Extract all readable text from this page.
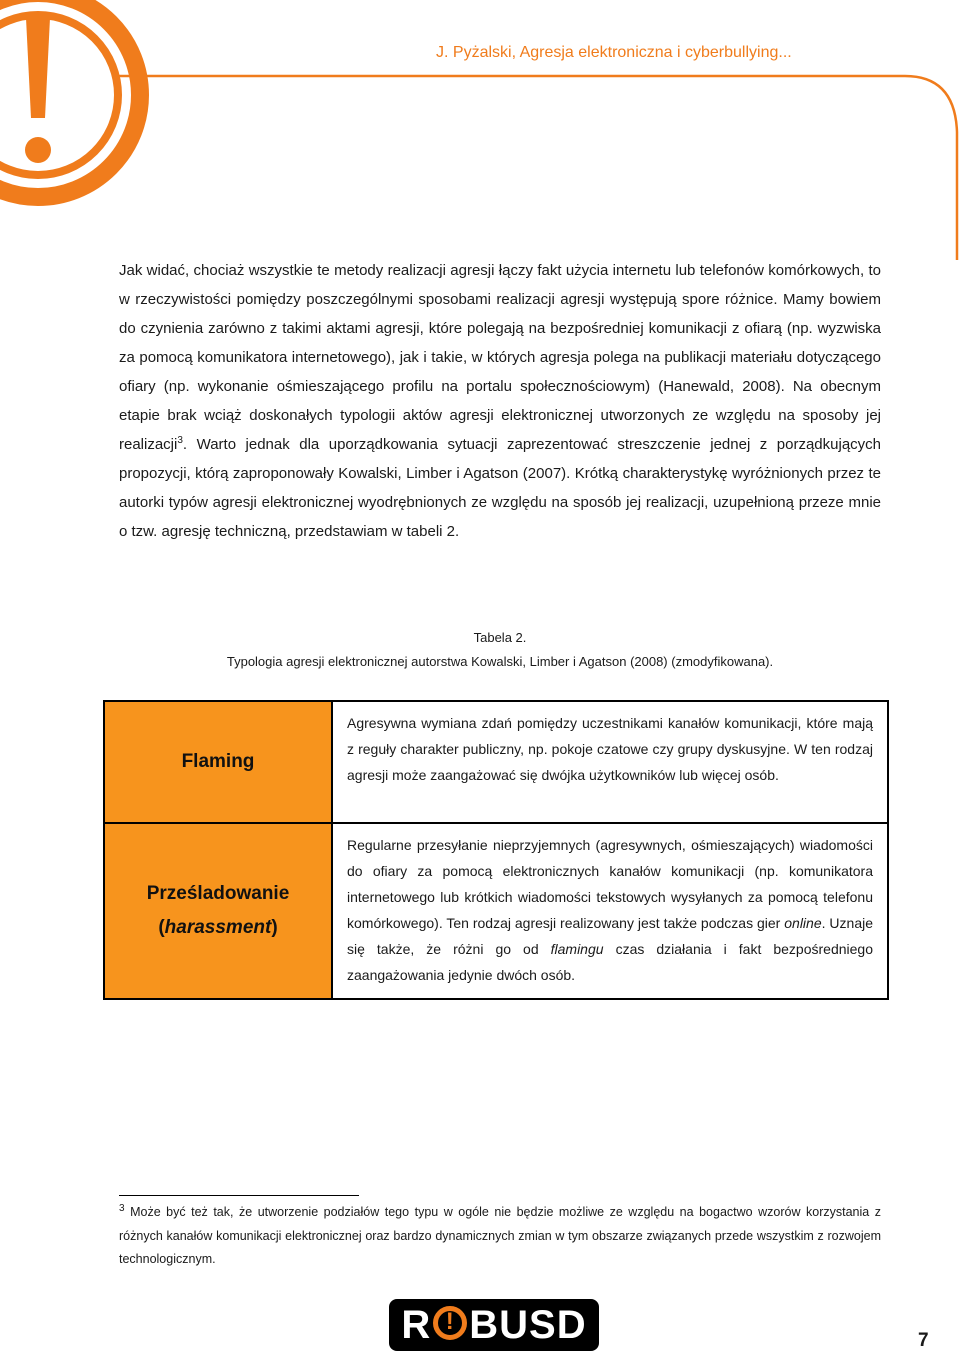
J. Pyżalski, Agresja elektroniczna i cyberbullying...

Jak widać, chociaż wszystkie te metody realizacji agresji łączy fakt użycia internetu lub telefonów komórkowych, to w rzeczywistości pomiędzy poszczególnymi sposobami realizacji agresji występują spore różnice. Mamy bowiem do czynienia zarówno z takimi aktami agresji, które polegają na bezpośredniej komunikacji z ofiarą (np. wyzwiska za pomocą komunikatora internetowego), jak i takie, w których agresja polega na publikacji materiału dotyczącego ofiary (np. wykonanie ośmieszającego profilu na portalu społecznościowym) (Hanewald, 2008). Na obecnym etapie brak wciąż doskonałych typologii aktów agresji elektronicznej utworzonych ze względu na sposoby jej realizacji$^3$. Warto jednak dla uporządkowania sytuacji zaprezentować streszczenie jednej z porządkujących propozycji, którą zaproponowały Kowalski, Limber i Agatson (2007). Krótką charakterystykę wyróżnionych przez te autorki typów agresji elektronicznej wyodrębnionych ze względu na sposób jej realizacji, uzupełnioną przeze mnie o tzw. agresję techniczną, przedstawiam w tabeli 2.

Tabela 2.
Typologia agresji elektronicznej autorstwa Kowalski, Limber i Agatson (2008) (zmodyfikowana).
Flaming	Agresywna wymiana zdań pomiędzy uczestnikami kanałów komunikacji, które mają z reguły charakter publiczny, np. pokoje czatowe czy grupy dyskusyjne. W ten rodzaj agresji może zaangażować się dwójka użytkowników lub więcej osób.
Prześladowanie
(harassment)	Regularne przesyłanie nieprzyjemnych (agresywnych, ośmieszających) wiadomości do ofiary za pomocą elektronicznych kanałów komunikacji (np. komunikatora internetowego lub krótkich wiadomości tekstowych wysyłanych za pomocą telefonu komórkowego). Ten rodzaj agresji realizowany jest także podczas gier online. Uznaje się także, że różni go od flamingu czas działania i fakt bezpośredniego zaangażowania jedynie dwóch osób.
$^3$ Może być też tak, że utworzenie podziałów tego typu w ogóle nie będzie możliwe ze względu na bogactwo wzorów korzystania z różnych kanałów komunikacji elektronicznej oraz bardzo dynamicznych zmian w tym obszarze związanych przede wszystkim z rozwojem technologicznym.
R! BUSD	7
